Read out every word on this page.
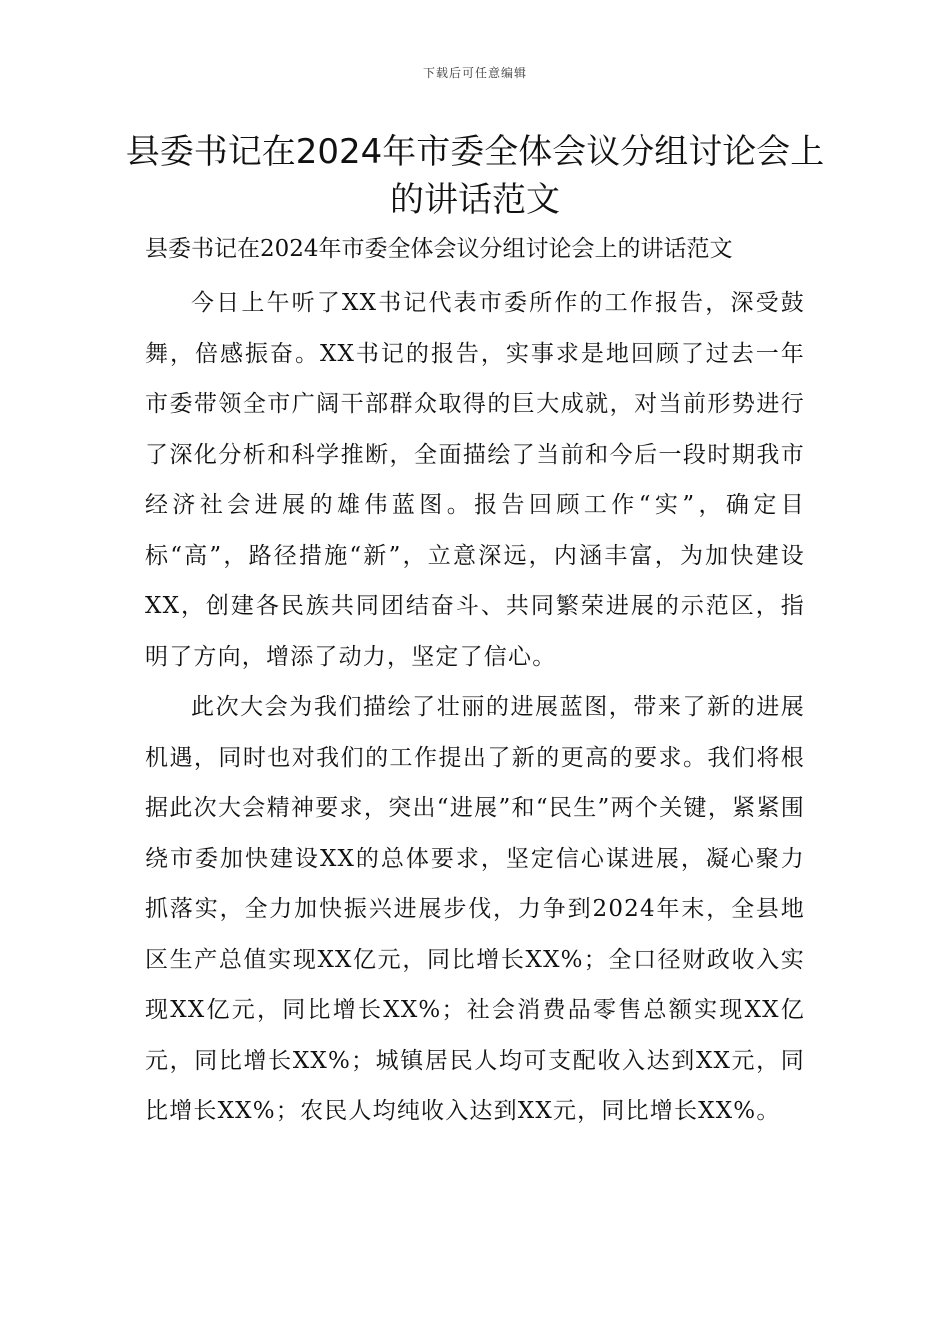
下载后可任意编辑
县委书记在2024年市委全体会议分组讨论会上的讲话范文
县委书记在2024年市委全体会议分组讨论会上的讲话范文

今日上午听了XX书记代表市委所作的工作报告，深受鼓舞，倍感振奋。XX书记的报告，实事求是地回顾了过去一年市委带领全市广阔干部群众取得的巨大成就，对当前形势进行了深化分析和科学推断，全面描绘了当前和今后一段时期我市经济社会进展的雄伟蓝图。报告回顾工作“实”，确定目标“高”，路径措施“新”，立意深远，内涵丰富，为加快建设XX，创建各民族共同团结奋斗、共同繁荣进展的示范区，指明了方向，增添了动力，坚定了信心。

此次大会为我们描绘了壮丽的进展蓝图，带来了新的进展机遇，同时也对我们的工作提出了新的更高的要求。我们将根据此次大会精神要求，突出“进展”和“民生”两个关键，紧紧围绕市委加快建设XX的总体要求，坚定信心谋进展，凝心聚力抓落实，全力加快振兴进展步伐，力争到2024年末，全县地区生产总值实现XX亿元，同比增长XX%；全口径财政收入实现XX亿元，同比增长XX%；社会消费品零售总额实现XX亿元，同比增长XX%；城镇居民人均可支配收入达到XX元，同比增长XX%；农民人均纯收入达到XX元，同比增长XX%。
